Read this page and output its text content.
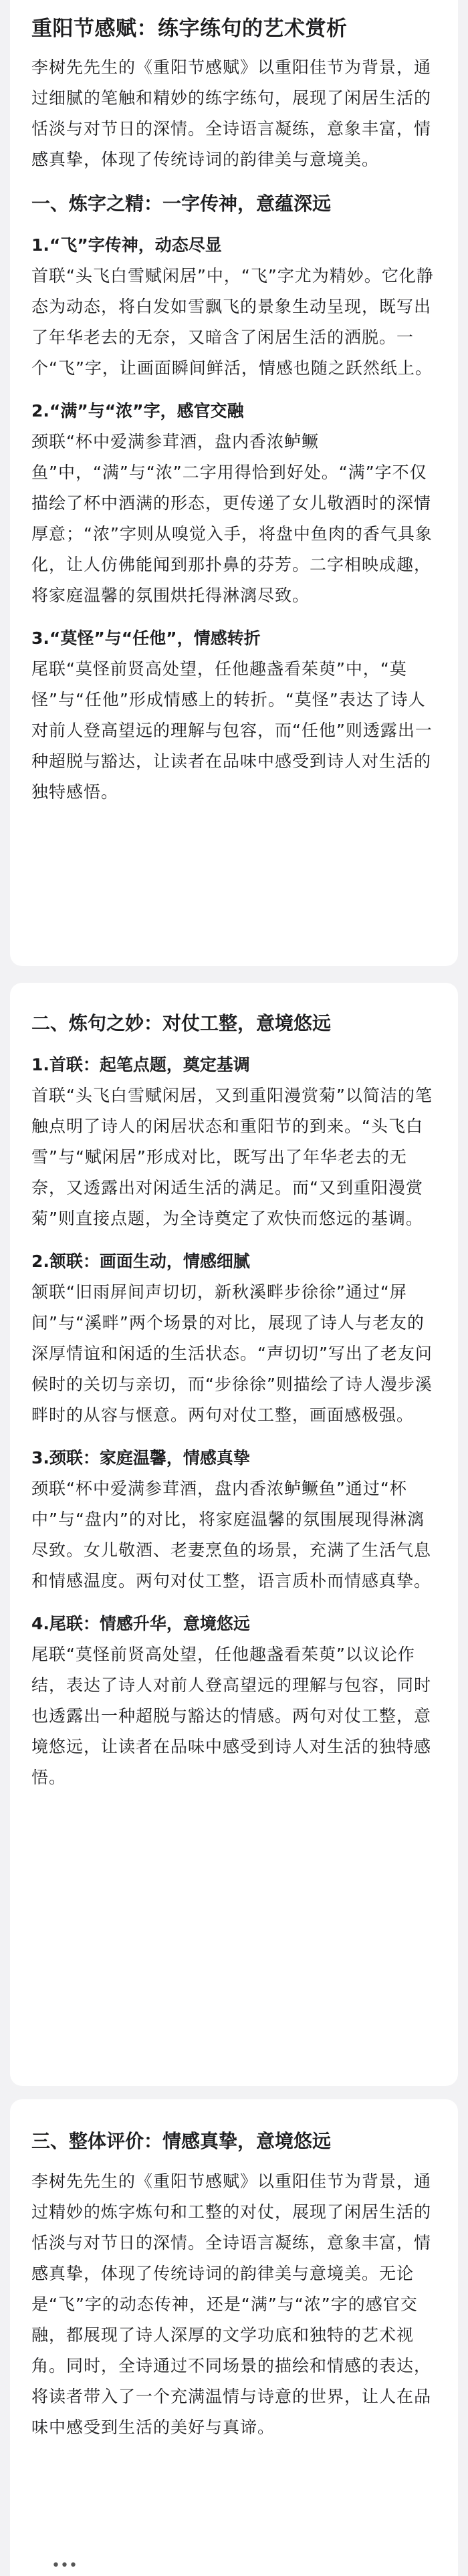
重阳节感赋：练字练句的艺术赏析
李树先先生的《重阳节感赋》以重阳佳节为背景，通过细腻的笔触和精妙的练字练句，展现了闲居生活的恬淡与对节日的深情。全诗语言凝练，意象丰富，情感真挚，体现了传统诗词的韵律美与意境美。
一、炼字之精：一字传神，意蕴深远
1.“飞”字传神，动态尽显
首联“头飞白雪赋闲居”中，“飞”字尤为精妙。它化静态为动态，将白发如雪飘飞的景象生动呈现，既写出了年华老去的无奈，又暗含了闲居生活的洒脱。一个“飞”字，让画面瞬间鲜活，情感也随之跃然纸上。
2.“满”与“浓”字，感官交融
颈联“杯中爱满参茸酒，盘内香浓鲈鳜鱼”中，“满”与“浓”二字用得恰到好处。“满”字不仅描绘了杯中酒满的形态，更传递了女儿敬酒时的深情厚意；“浓”字则从嗅觉入手，将盘中鱼肉的香气具象化，让人仿佛能闻到那扑鼻的芬芳。二字相映成趣，将家庭温馨的氛围烘托得淋漓尽致。
3.“莫怪”与“任他”，情感转折
尾联“莫怪前贤高处望，任他趣盏看茱萸”中，“莫怪”与“任他”形成情感上的转折。“莫怪”表达了诗人对前人登高望远的理解与包容，而“任他”则透露出一种超脱与豁达，让读者在品味中感受到诗人对生活的独特感悟。
二、炼句之妙：对仗工整，意境悠远
1.首联：起笔点题，奠定基调
首联“头飞白雪赋闲居，又到重阳漫赏菊”以简洁的笔触点明了诗人的闲居状态和重阳节的到来。“头飞白雪”与“赋闲居”形成对比，既写出了年华老去的无奈，又透露出对闲适生活的满足。而“又到重阳漫赏菊”则直接点题，为全诗奠定了欢快而悠远的基调。
2.颔联：画面生动，情感细腻
颔联“旧雨屏间声切切，新秋溪畔步徐徐”通过“屏间”与“溪畔”两个场景的对比，展现了诗人与老友的深厚情谊和闲适的生活状态。“声切切”写出了老友问候时的关切与亲切，而“步徐徐”则描绘了诗人漫步溪畔时的从容与惬意。两句对仗工整，画面感极强。
3.颈联：家庭温馨，情感真挚
颈联“杯中爱满参茸酒，盘内香浓鲈鳜鱼”通过“杯中”与“盘内”的对比，将家庭温馨的氛围展现得淋漓尽致。女儿敬酒、老妻烹鱼的场景，充满了生活气息和情感温度。两句对仗工整，语言质朴而情感真挚。
4.尾联：情感升华，意境悠远
尾联“莫怪前贤高处望，任他趣盏看茱萸”以议论作结，表达了诗人对前人登高望远的理解与包容，同时也透露出一种超脱与豁达的情感。两句对仗工整，意境悠远，让读者在品味中感受到诗人对生活的独特感悟。
三、整体评价：情感真挚，意境悠远
李树先先生的《重阳节感赋》以重阳佳节为背景，通过精妙的炼字炼句和工整的对仗，展现了闲居生活的恬淡与对节日的深情。全诗语言凝练，意象丰富，情感真挚，体现了传统诗词的韵律美与意境美。无论是“飞”字的动态传神，还是“满”与“浓”字的感官交融，都展现了诗人深厚的文学功底和独特的艺术视角。同时，全诗通过不同场景的描绘和情感的表达，将读者带入了一个充满温情与诗意的世界，让人在品味中感受到生活的美好与真谛。
•••
